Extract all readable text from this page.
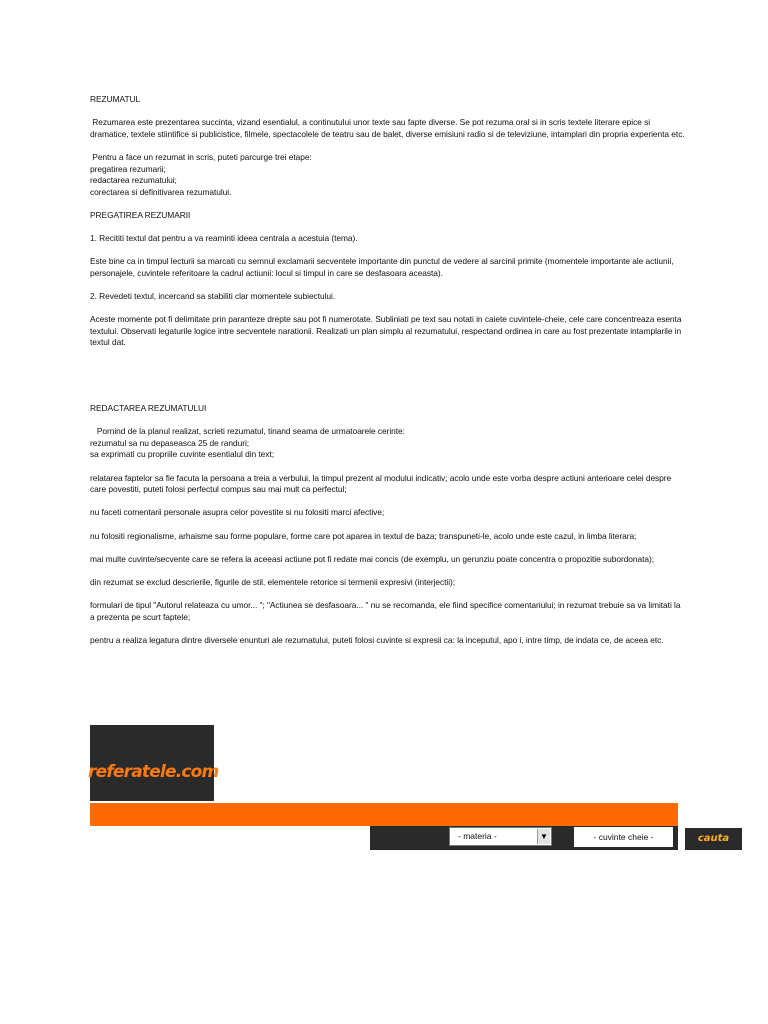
REZUMATUL

Rezumarea este prezentarea succinta, vizand esentialul, a continutului unor texte sau fapte diverse. Se pot rezuma oral si in scris textele literare epice si dramatice, textele stiintifice si publicistice, filmele, spectacolele de teatru sau de balet, diverse emisiuni radio si de televiziune, intamplari din propria experienta etc.

Pentru a face un rezumat in scris, puteti parcurge trei etape:

pregatirea rezumarii;

redactarea rezumatului;

corectarea si definitivarea rezumatului.

PREGATIREA REZUMARII

1. Recititi textul dat pentru a va reaminti ideea centrala a acestuia (tema).

Este bine ca in timpul lecturii sa marcati cu semnul exclamarii secventele importante din punctul de vedere al sarcinii primite (momentele importante ale actiunii, personajele, cuvintele referitoare la cadrul actiunii: locul si timpul in care se desfasoara aceasta).

2. Revedeti textul, incercand sa stabiliti clar momentele subiectului.

Aceste momente pot fi delimitate prin paranteze drepte sau pot fi numerotate. Subliniati pe text sau notati in caiete cuvintele-cheie, cele care concentreaza esenta textului. Observati legaturile logice intre secventele narationii. Realizati un plan simplu al rezumatului, respectand ordinea in care au fost prezentate intamplarile in textul dat.

REDACTAREA REZUMATULUI

Pornind de la planul realizat, scrieti rezumatul, tinand seama de urmatoarele cerinte:

rezumatul sa nu depaseasca 25 de randuri;

sa exprimati cu propriile cuvinte esentialul din text;

relatarea faptelor sa fie facuta la persoana a treia a verbului, la timpul prezent al modului indicativ; acolo unde este vorba despre actiuni anterioare celei despre care povestiti, puteti folosi perfectul compus sau mai mult ca perfectul;

nu faceti comentarii personale asupra celor povestite si nu folositi marci afective;

nu folositi regionalisme, arhaisme sau forme populare, forme care pot aparea in textul de baza; transpuneti-le, acolo unde este cazul, in limba literara;

mai multe cuvinte/secvente care se refera la aceeasi actiune pot fi redate mai concis (de exemplu, un gerunziu poate concentra o propozitie subordonata);

din rezumat se exclud descrierile, figurile de stil, elementele retorice si termenii expresivi (interjectii);

formulari de tipul "Autorul relateaza cu umor... "; "Actiunea se desfasoara... " nu se recomanda, ele fiind specifice comentariului; in rezumat trebuie sa va limitati la a prezenta pe scurt faptele;

pentru a realiza legatura dintre diversele enunturi ale rezumatului, puteti folosi cuvinte si expresii ca: la inceputul, apo i, intre timp, de indata ce, de aceea etc.

referatele.com
- materia -	▼	- cuvinte cheie -	cauta
